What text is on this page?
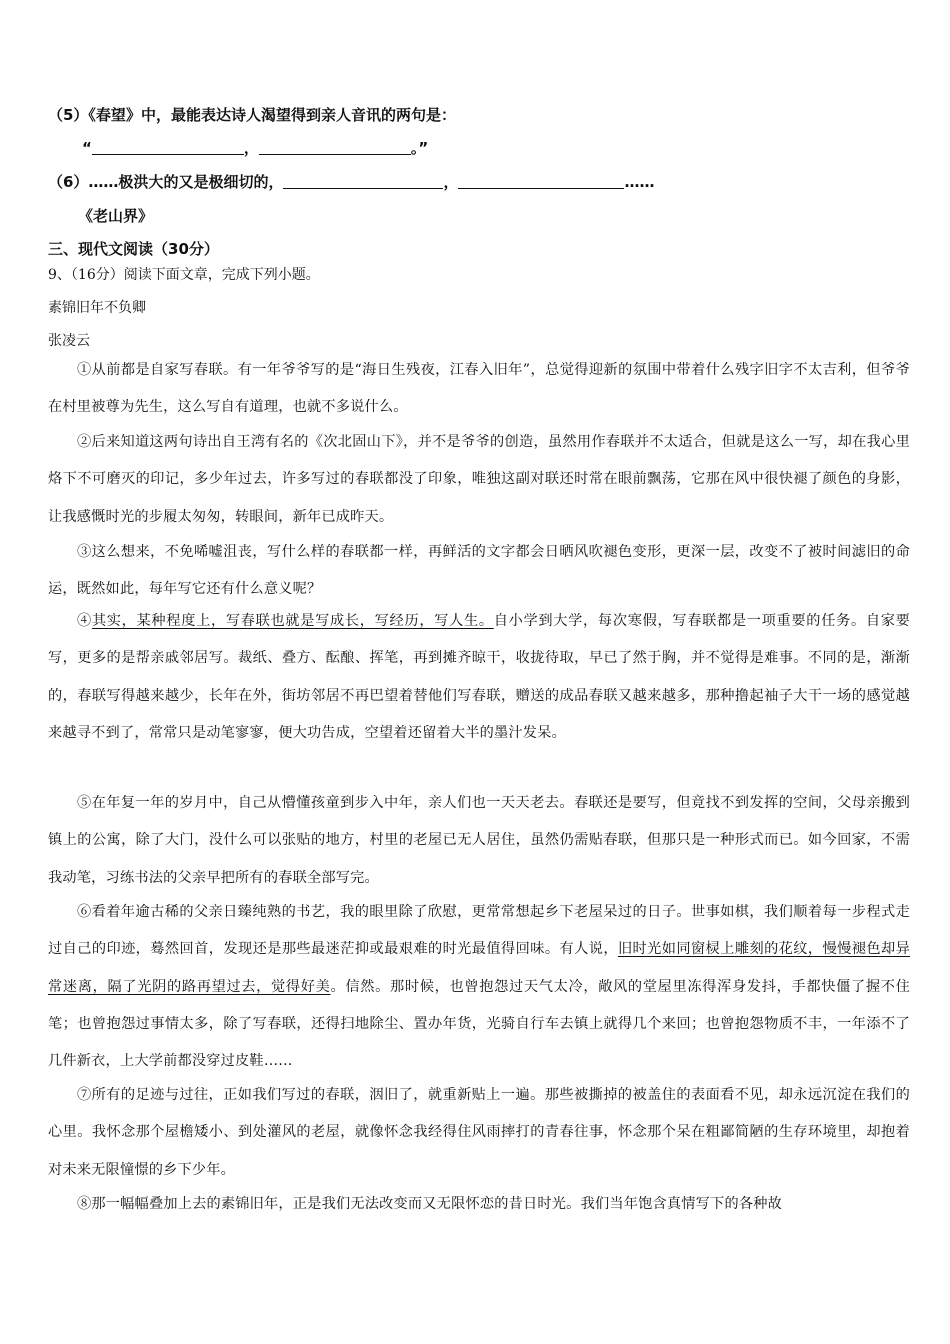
（5）《春望》中，最能表达诗人渴望得到亲人音讯的两句是：
“	，	。”
（6）……极洪大的又是极细切的，	，	……
《老山界》
三、现代文阅读（30分）
9、（16分）阅读下面文章，完成下列小题。
素锦旧年不负卿
张凌云
①从前都是自家写春联。有一年爷爷写的是“海日生残夜，江春入旧年”，总觉得迎新的氛围中带着什么残字旧字不太吉利，但爷爷在村里被尊为先生，这么写自有道理，也就不多说什么。
②后来知道这两句诗出自王湾有名的《次北固山下》，并不是爷爷的创造，虽然用作春联并不太适合，但就是这么一写，却在我心里烙下不可磨灭的印记，多少年过去，许多写过的春联都没了印象，唯独这副对联还时常在眼前飘荡，它那在风中很快褪了颜色的身影，让我感慨时光的步履太匆匆，转眼间，新年已成昨天。
③这么想来，不免唏嘘沮丧，写什么样的春联都一样，再鲜活的文字都会日晒风吹褪色变形，更深一层，改变不了被时间滤旧的命运，既然如此，每年写它还有什么意义呢？
④其实，某种程度上，写春联也就是写成长，写经历，写人生。自小学到大学，每次寒假，写春联都是一项重要的任务。自家要写，更多的是帮亲戚邻居写。裁纸、叠方、酝酿、挥笔，再到摊齐晾干，收拢待取，早已了然于胸，并不觉得是难事。不同的是，渐渐的，春联写得越来越少，长年在外，街坊邻居不再巴望着替他们写春联，赠送的成品春联又越来越多，那种撸起袖子大干一场的感觉越来越寻不到了，常常只是动笔寥寥，便大功告成，空望着还留着大半的墨汁发呆。
⑤在年复一年的岁月中，自己从懵懂孩童到步入中年，亲人们也一天天老去。春联还是要写，但竟找不到发挥的空间，父母亲搬到镇上的公寓，除了大门，没什么可以张贴的地方，村里的老屋已无人居住，虽然仍需贴春联，但那只是一种形式而已。如今回家，不需我动笔，习练书法的父亲早把所有的春联全部写完。
⑥看着年逾古稀的父亲日臻纯熟的书艺，我的眼里除了欣慰，更常常想起乡下老屋呆过的日子。世事如棋，我们顺着每一步程式走过自己的印迹，蓦然回首，发现还是那些最迷茫抑或最艰难的时光最值得回味。有人说，旧时光如同窗棂上雕刻的花纹，慢慢褪色却异常迷离，隔了光阴的路再望过去，觉得好美。信然。那时候，也曾抱怨过天气太冷，敞风的堂屋里冻得浑身发抖，手都快僵了握不住笔；也曾抱怨过事情太多，除了写春联，还得扫地除尘、置办年货，光骑自行车去镇上就得几个来回；也曾抱怨物质不丰，一年添不了几件新衣，上大学前都没穿过皮鞋……
⑦所有的足迹与过往，正如我们写过的春联，洇旧了，就重新贴上一遍。那些被撕掉的被盖住的表面看不见，却永远沉淀在我们的心里。我怀念那个屋檐矮小、到处灌风的老屋，就像怀念我经得住风雨摔打的青春往事，怀念那个呆在粗鄙简陋的生存环境里，却抱着对未来无限憧憬的乡下少年。
⑧那一幅幅叠加上去的素锦旧年，正是我们无法改变而又无限怀恋的昔日时光。我们当年饱含真情写下的各种故
